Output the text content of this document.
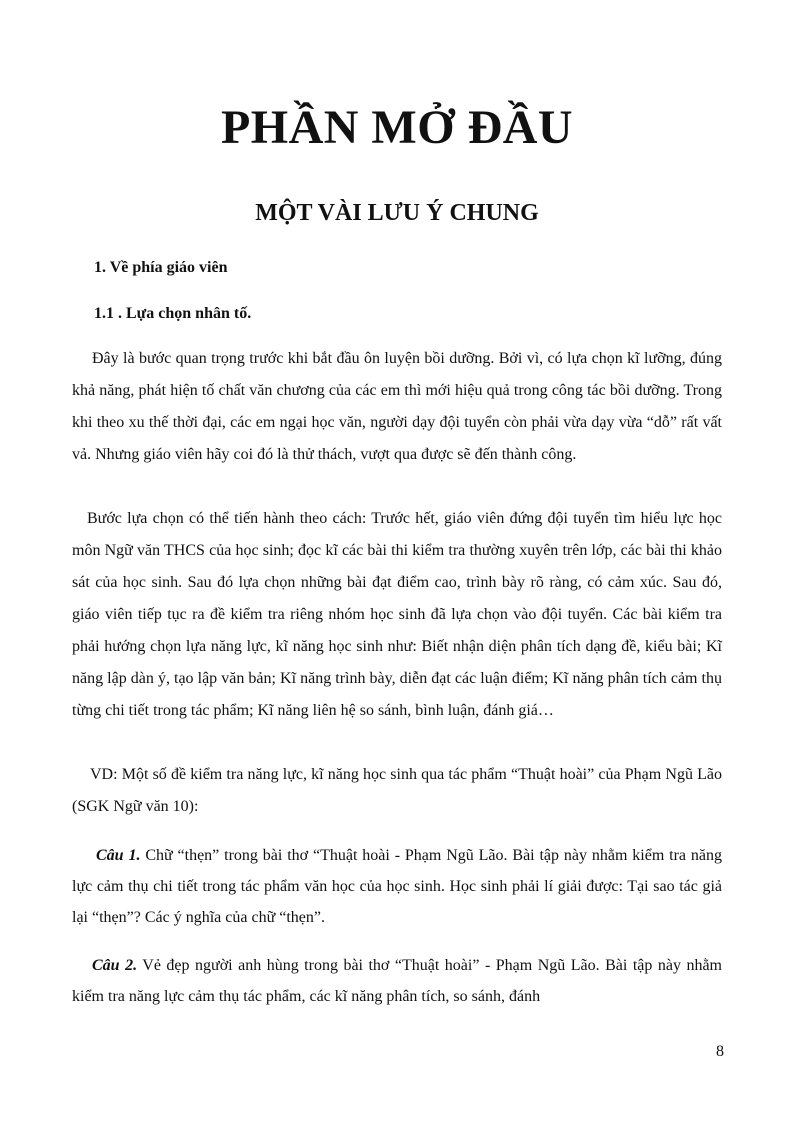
PHẦN MỞ ĐẦU
MỘT VÀI LƯU Ý CHUNG
1. Về phía giáo viên
1.1 . Lựa chọn nhân tố.

Đây là bước quan trọng trước khi bắt đầu ôn luyện bồi dưỡng. Bởi vì, có lựa chọn kĩ lưỡng, đúng khả năng, phát hiện tố chất văn chương của các em thì mới hiệu quả trong công tác bồi dưỡng. Trong khi theo xu thế thời đại, các em ngại học văn, người dạy đội tuyển còn phải vừa dạy vừa “dỗ” rất vất vả. Nhưng giáo viên hãy coi đó là thử thách, vượt qua được sẽ đến thành công.

Bước lựa chọn có thể tiến hành theo cách: Trước hết, giáo viên đứng đội tuyển tìm hiểu lực học môn Ngữ văn THCS của học sinh; đọc kĩ các bài thi kiểm tra thường xuyên trên lớp, các bài thi khảo sát của học sinh. Sau đó lựa chọn những bài đạt điểm cao, trình bày rõ ràng, có cảm xúc. Sau đó, giáo viên tiếp tục ra đề kiểm tra riêng nhóm học sinh đã lựa chọn vào đội tuyển. Các bài kiểm tra phải hướng chọn lựa năng lực, kĩ năng học sinh như: Biết nhận diện phân tích dạng đề, kiểu bài; Kĩ năng lập dàn ý, tạo lập văn bản; Kĩ năng trình bày, diễn đạt các luận điểm; Kĩ năng phân tích cảm thụ từng chi tiết trong tác phẩm; Kĩ năng liên hệ so sánh, bình luận, đánh giá…

VD: Một số đề kiểm tra năng lực, kĩ năng học sinh qua tác phẩm “Thuật hoài” của Phạm Ngũ Lão (SGK Ngữ văn 10):

Câu 1. Chữ “thẹn” trong bài thơ “Thuật hoài - Phạm Ngũ Lão. Bài tập này nhằm kiểm tra năng lực cảm thụ chi tiết trong tác phẩm văn học của học sinh. Học sinh phải lí giải được: Tại sao tác giả lại “thẹn”? Các ý nghĩa của chữ “thẹn”.

Câu 2. Vẻ đẹp người anh hùng trong bài thơ “Thuật hoài” - Phạm Ngũ Lão. Bài tập này nhằm kiểm tra năng lực cảm thụ tác phẩm, các kĩ năng phân tích, so sánh, đánh

8
